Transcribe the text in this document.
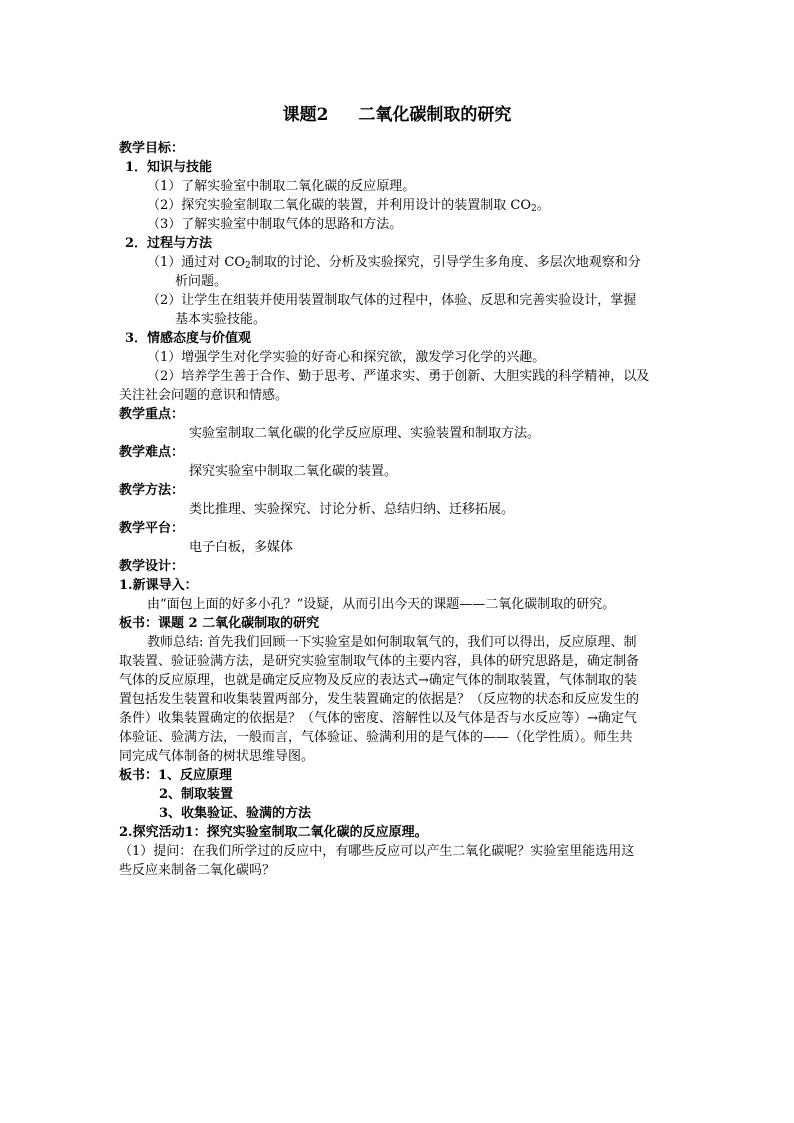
课题2 二氧化碳制取的研究
教学目标：
1．知识与技能
（1）了解实验室中制取二氧化碳的反应原理。
（2）探究实验室制取二氧化碳的装置，并利用设计的装置制取 $CO_2$。
（3）了解实验室中制取气体的思路和方法。
2．过程与方法
（1）通过对 $CO_2$制取的讨论、分析及实验探究，引导学生多角度、多层次地观察和分
析问题。
（2）让学生在组装并使用装置制取气体的过程中，体验、反思和完善实验设计，掌握
基本实验技能。
3．情感态度与价值观
（1）增强学生对化学实验的好奇心和探究欲，激发学习化学的兴趣。
（2）培养学生善于合作、勤于思考、严谨求实、勇于创新、大胆实践的科学精神，以及
关注社会问题的意识和情感。
教学重点：
实验室制取二氧化碳的化学反应原理、实验装置和制取方法。
教学难点：
探究实验室中制取二氧化碳的装置。
教学方法：
类比推理、实验探究、讨论分析、总结归纳、迁移拓展。
教学平台：
电子白板，多媒体
教学设计：
1.新课导入：
由“面包上面的好多小孔？”设疑，从而引出今天的课题——二氧化碳制取的研究。
板书：课题 2 二氧化碳制取的研究
教师总结: 首先我们回顾一下实验室是如何制取氧气的，我们可以得出，反应原理、制
取装置、验证验满方法，是研究实验室制取气体的主要内容，具体的研究思路是，确定制备
气体的反应原理，也就是确定反应物及反应的表达式→确定气体的制取装置，气体制取的装
置包括发生装置和收集装置两部分，发生装置确定的依据是？（反应物的状态和反应发生的
条件）收集装置确定的依据是？（气体的密度、溶解性以及气体是否与水反应等）→确定气
体验证、验满方法，一般而言，气体验证、验满利用的是气体的——（化学性质）。师生共
同完成气体制备的树状思维导图。
板书：1、反应原理
2、制取装置
3、收集验证、验满的方法
2.探究活动1：探究实验室制取二氧化碳的反应原理。
（1）提问：在我们所学过的反应中，有哪些反应可以产生二氧化碳呢？实验室里能选用这
些反应来制备二氧化碳吗？
